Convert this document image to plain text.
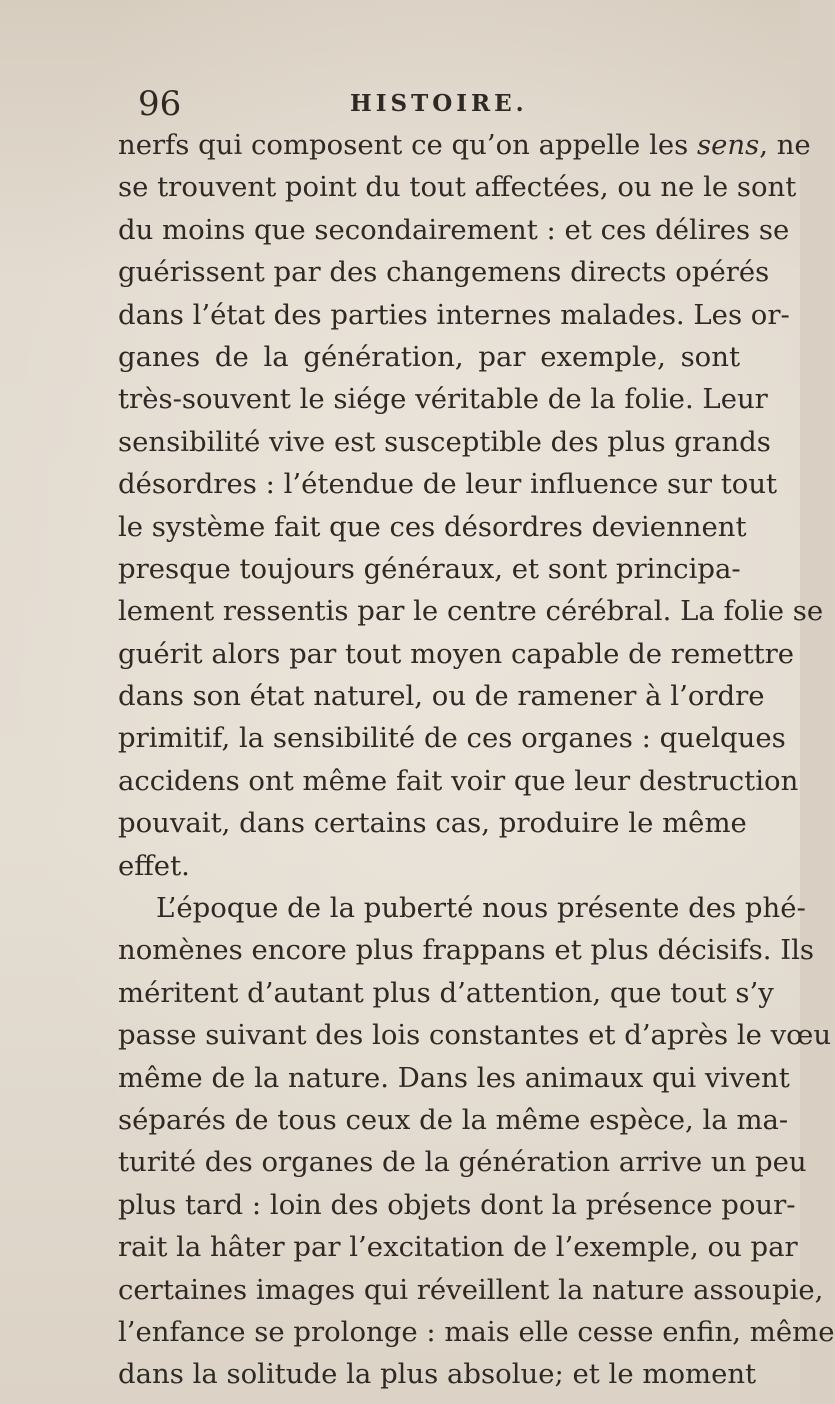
96	HISTOIRE.
nerfs qui composent ce qu’on appelle les sens, ne
se trouvent point du tout affectées, ou ne le sont
du moins que secondairement : et ces délires se
guérissent par des changemens directs opérés
dans l’état des parties internes malades. Les or-
ganes de la génération, par exemple, sont
très-souvent le siége véritable de la folie. Leur
sensibilité vive est susceptible des plus grands
désordres : l’étendue de leur influence sur tout
le système fait que ces désordres deviennent
presque toujours généraux, et sont principa-
lement ressentis par le centre cérébral. La folie se
guérit alors par tout moyen capable de remettre
dans son état naturel, ou de ramener à l’ordre
primitif, la sensibilité de ces organes : quelques
accidens ont même fait voir que leur destruction
pouvait, dans certains cas, produire le même
effet.
L’époque de la puberté nous présente des phé-
nomènes encore plus frappans et plus décisifs. Ils
méritent d’autant plus d’attention, que tout s’y
passe suivant des lois constantes et d’après le vœu
même de la nature. Dans les animaux qui vivent
séparés de tous ceux de la même espèce, la ma-
turité des organes de la génération arrive un peu
plus tard : loin des objets dont la présence pour-
rait la hâter par l’excitation de l’exemple, ou par
certaines images qui réveillent la nature assoupie,
l’enfance se prolonge : mais elle cesse enfin, même
dans la solitude la plus absolue; et le moment
